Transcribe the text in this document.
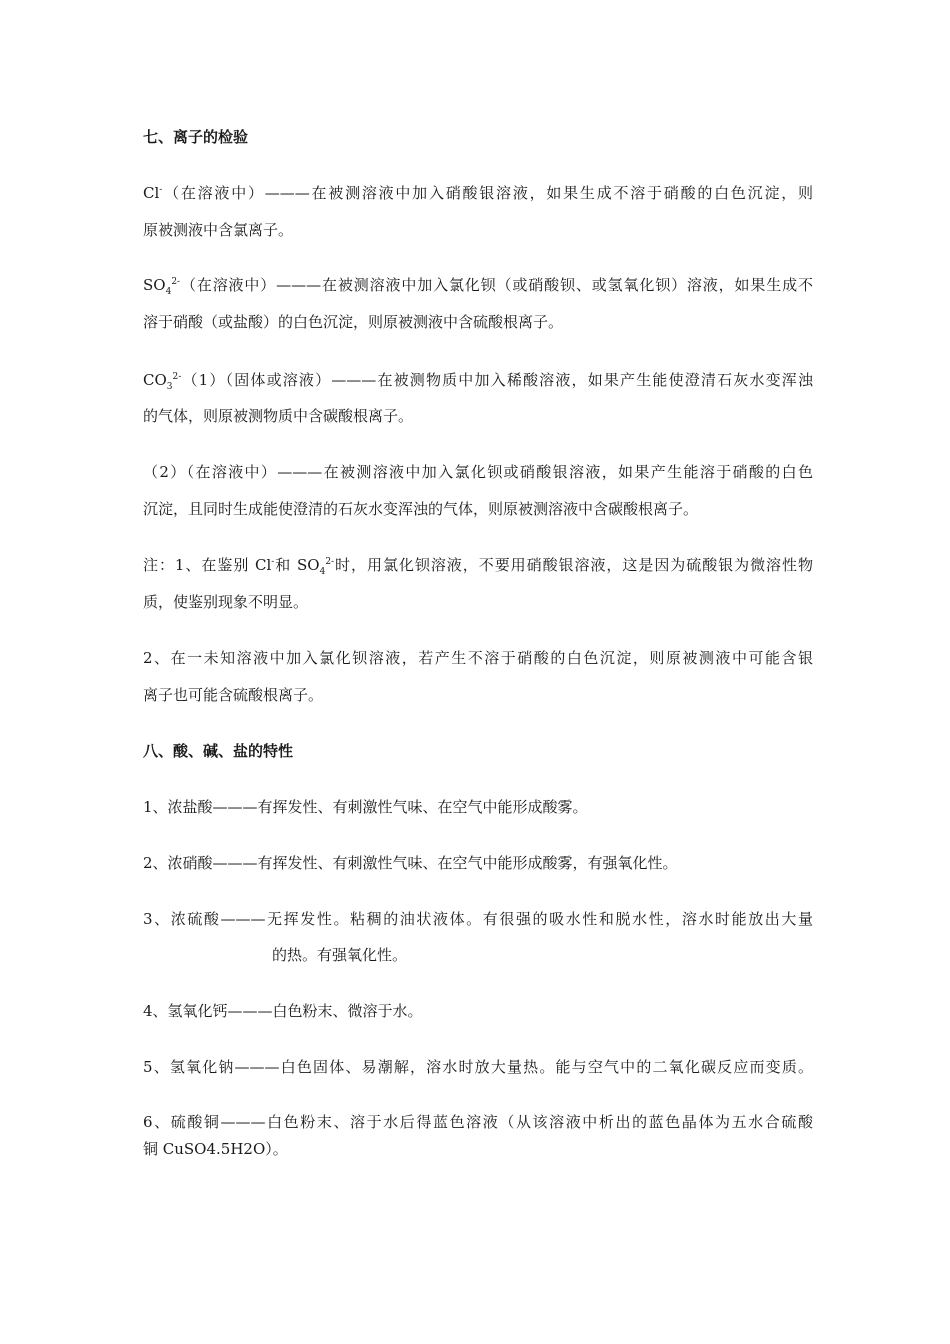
七、离子的检验
Cl-（在溶液中）———在被测溶液中加入硝酸银溶液，如果生成不溶于硝酸的白色沉淀，则
原被测液中含氯离子。
$SO_4^{2-}$（在溶液中）———在被测溶液中加入氯化钡（或硝酸钡、或氢氧化钡）溶液，如果生成不
溶于硝酸（或盐酸）的白色沉淀，则原被测液中含硫酸根离子。
$CO_3^{2-}(1)$（固体或溶液）———在被测物质中加入稀酸溶液，如果产生能使澄清石灰水变浑浊
的气体，则原被测物质中含碳酸根离子。
（2）（在溶液中）———在被测溶液中加入氯化钡或硝酸银溶液，如果产生能溶于硝酸的白色
沉淀，且同时生成能使澄清的石灰水变浑浊的气体，则原被测溶液中含碳酸根离子。
注：1、在鉴别 Cl-和 $SO_4^{2-}$时，用氯化钡溶液，不要用硝酸银溶液，这是因为硫酸银为微溶性物
质，使鉴别现象不明显。
2、在一未知溶液中加入氯化钡溶液，若产生不溶于硝酸的白色沉淀，则原被测液中可能含银
离子也可能含硫酸根离子。
八、酸、碱、盐的特性
1、浓盐酸———有挥发性、有刺激性气味、在空气中能形成酸雾。
2、浓硝酸———有挥发性、有刺激性气味、在空气中能形成酸雾，有强氧化性。
3、浓硫酸———无挥发性。粘稠的油状液体。有很强的吸水性和脱水性，溶水时能放出大量
的热。有强氧化性。
4、氢氧化钙———白色粉末、微溶于水。
5、氢氧化钠———白色固体、易潮解，溶水时放大量热。能与空气中的二氧化碳反应而变质。
6、硫酸铜———白色粉末、溶于水后得蓝色溶液（从该溶液中析出的蓝色晶体为五水合硫酸
铜 CuSO4.5H2O）。
